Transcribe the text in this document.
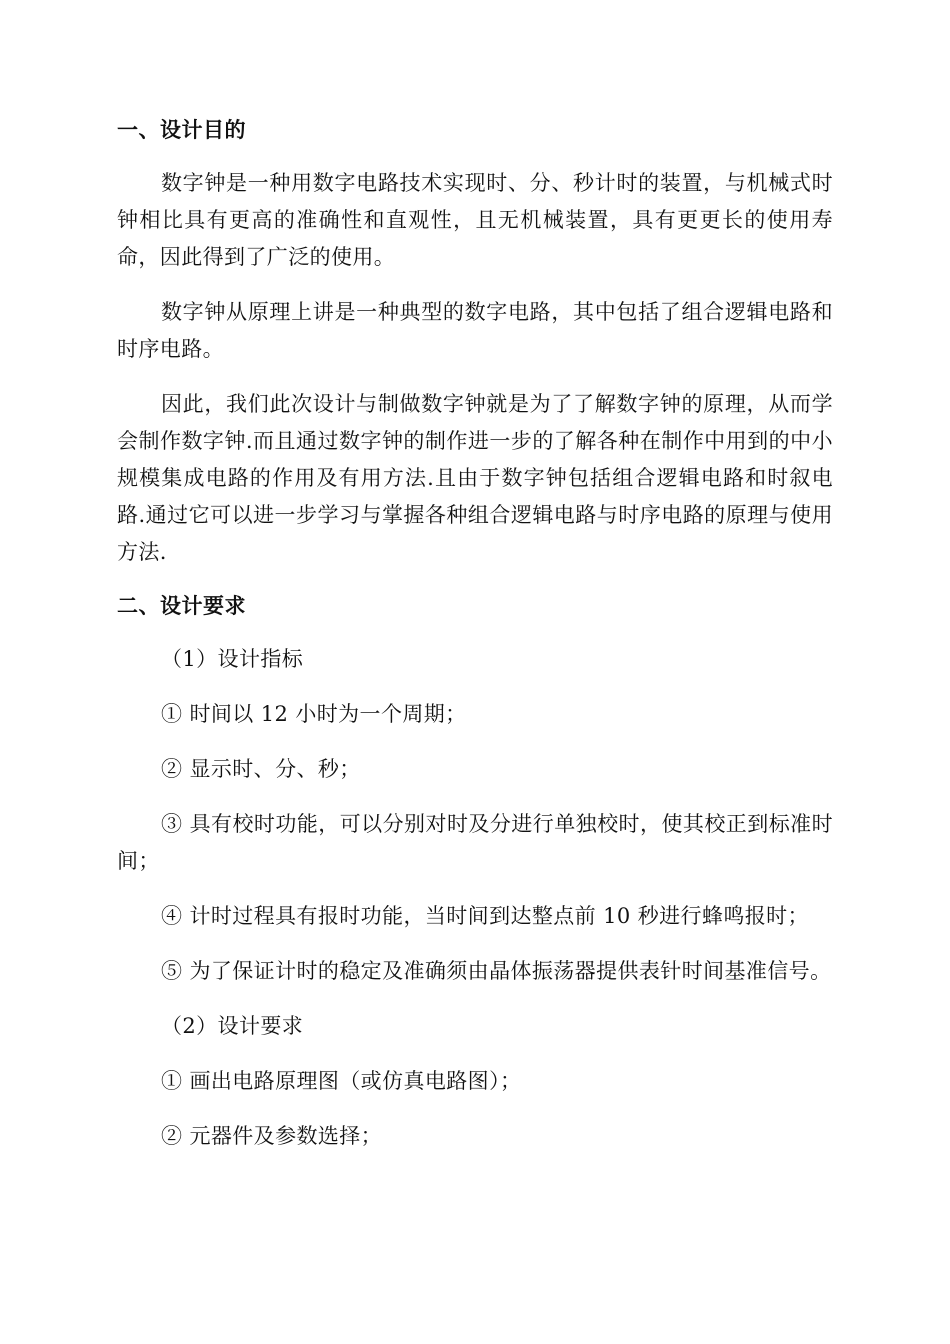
一、设计目的

数字钟是一种用数字电路技术实现时、分、秒计时的装置，与机械式时钟相比具有更高的准确性和直观性，且无机械装置，具有更更长的使用寿命，因此得到了广泛的使用。

数字钟从原理上讲是一种典型的数字电路，其中包括了组合逻辑电路和时序电路。

因此，我们此次设计与制做数字钟就是为了了解数字钟的原理，从而学会制作数字钟.而且通过数字钟的制作进一步的了解各种在制作中用到的中小规模集成电路的作用及有用方法.且由于数字钟包括组合逻辑电路和时叙电路.通过它可以进一步学习与掌握各种组合逻辑电路与时序电路的原理与使用方法.

二、设计要求

（1）设计指标

① 时间以 12 小时为一个周期；

② 显示时、分、秒；

③ 具有校时功能，可以分别对时及分进行单独校时，使其校正到标准时间；

④ 计时过程具有报时功能，当时间到达整点前 10 秒进行蜂鸣报时；

⑤ 为了保证计时的稳定及准确须由晶体振荡器提供表针时间基准信号。

（2）设计要求

① 画出电路原理图（或仿真电路图）；

② 元器件及参数选择；
